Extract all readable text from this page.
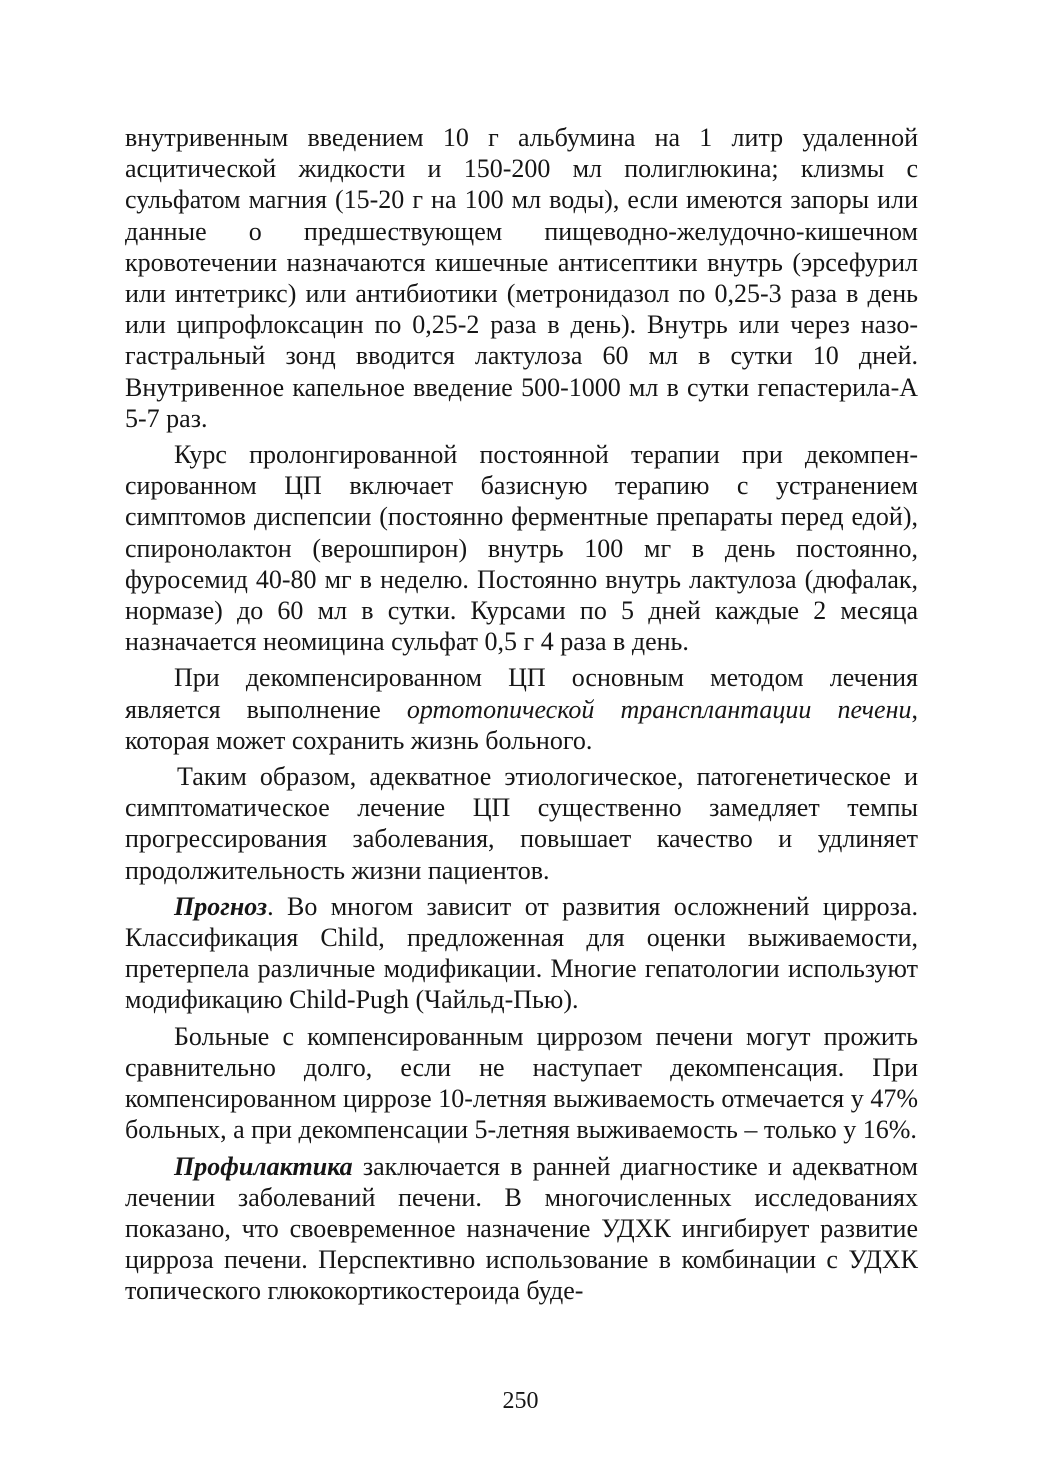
внутривенным введением 10 г альбумина на 1 литр удаленной асцитической жидкости и 150-200 мл полиглюкина; клизмы с сульфатом магния (15-20 г на 100 мл воды), если имеются запоры или данные о предшествующем пищеводно-желудочно-кишечном кровотечении назначаются кишечные антисептики внутрь (эрсефурил или интетрикс) или антибиотики (метронидазол по 0,25-3 раза в день или ципрофлоксацин по 0,25-2 раза в день). Внутрь или через назо-гастральный зонд вводится лактулоза 60 мл в сутки 10 дней. Внутривенное капельное введение 500-1000 мл в сутки гепастерила-А 5-7 раз.

Курс пролонгированной постоянной терапии при декомпенсированном ЦП включает базисную терапию с устранением симптомов диспепсии (постоянно ферментные препараты перед едой), спиронолактон (верошпирон) внутрь 100 мг в день постоянно, фуросемид 40-80 мг в неделю. Постоянно внутрь лактулоза (дюфалак, нормазе) до 60 мл в сутки. Курсами по 5 дней каждые 2 месяца назначается неомицина сульфат 0,5 г 4 раза в день.

При декомпенсированном ЦП основным методом лечения является выполнение ортотопической трансплантации печени, которая может сохранить жизнь больного.

Таким образом, адекватное этиологическое, патогенетическое и симптоматическое лечение ЦП существенно замедляет темпы прогрессирования заболевания, повышает качество и удлиняет продолжительность жизни пациентов.

Прогноз. Во многом зависит от развития осложнений цирроза. Классификация Child, предложенная для оценки выживаемости, претерпела различные модификации. Многие гепатологии используют модификацию Child-Pugh (Чайльд-Пью).

Больные с компенсированным циррозом печени могут прожить сравнительно долго, если не наступает декомпенсация. При компенсированном циррозе 10-летняя выживаемость отмечается у 47% больных, а при декомпенсации 5-летняя выживаемость – только у 16%.

Профилактика заключается в ранней диагностике и адекватном лечении заболеваний печени. В многочисленных исследованиях показано, что своевременное назначение УДХК ингибирует развитие цирроза печени. Перспективно использование в комбинации с УДХК топического глюкокортикостероида буде-

250
